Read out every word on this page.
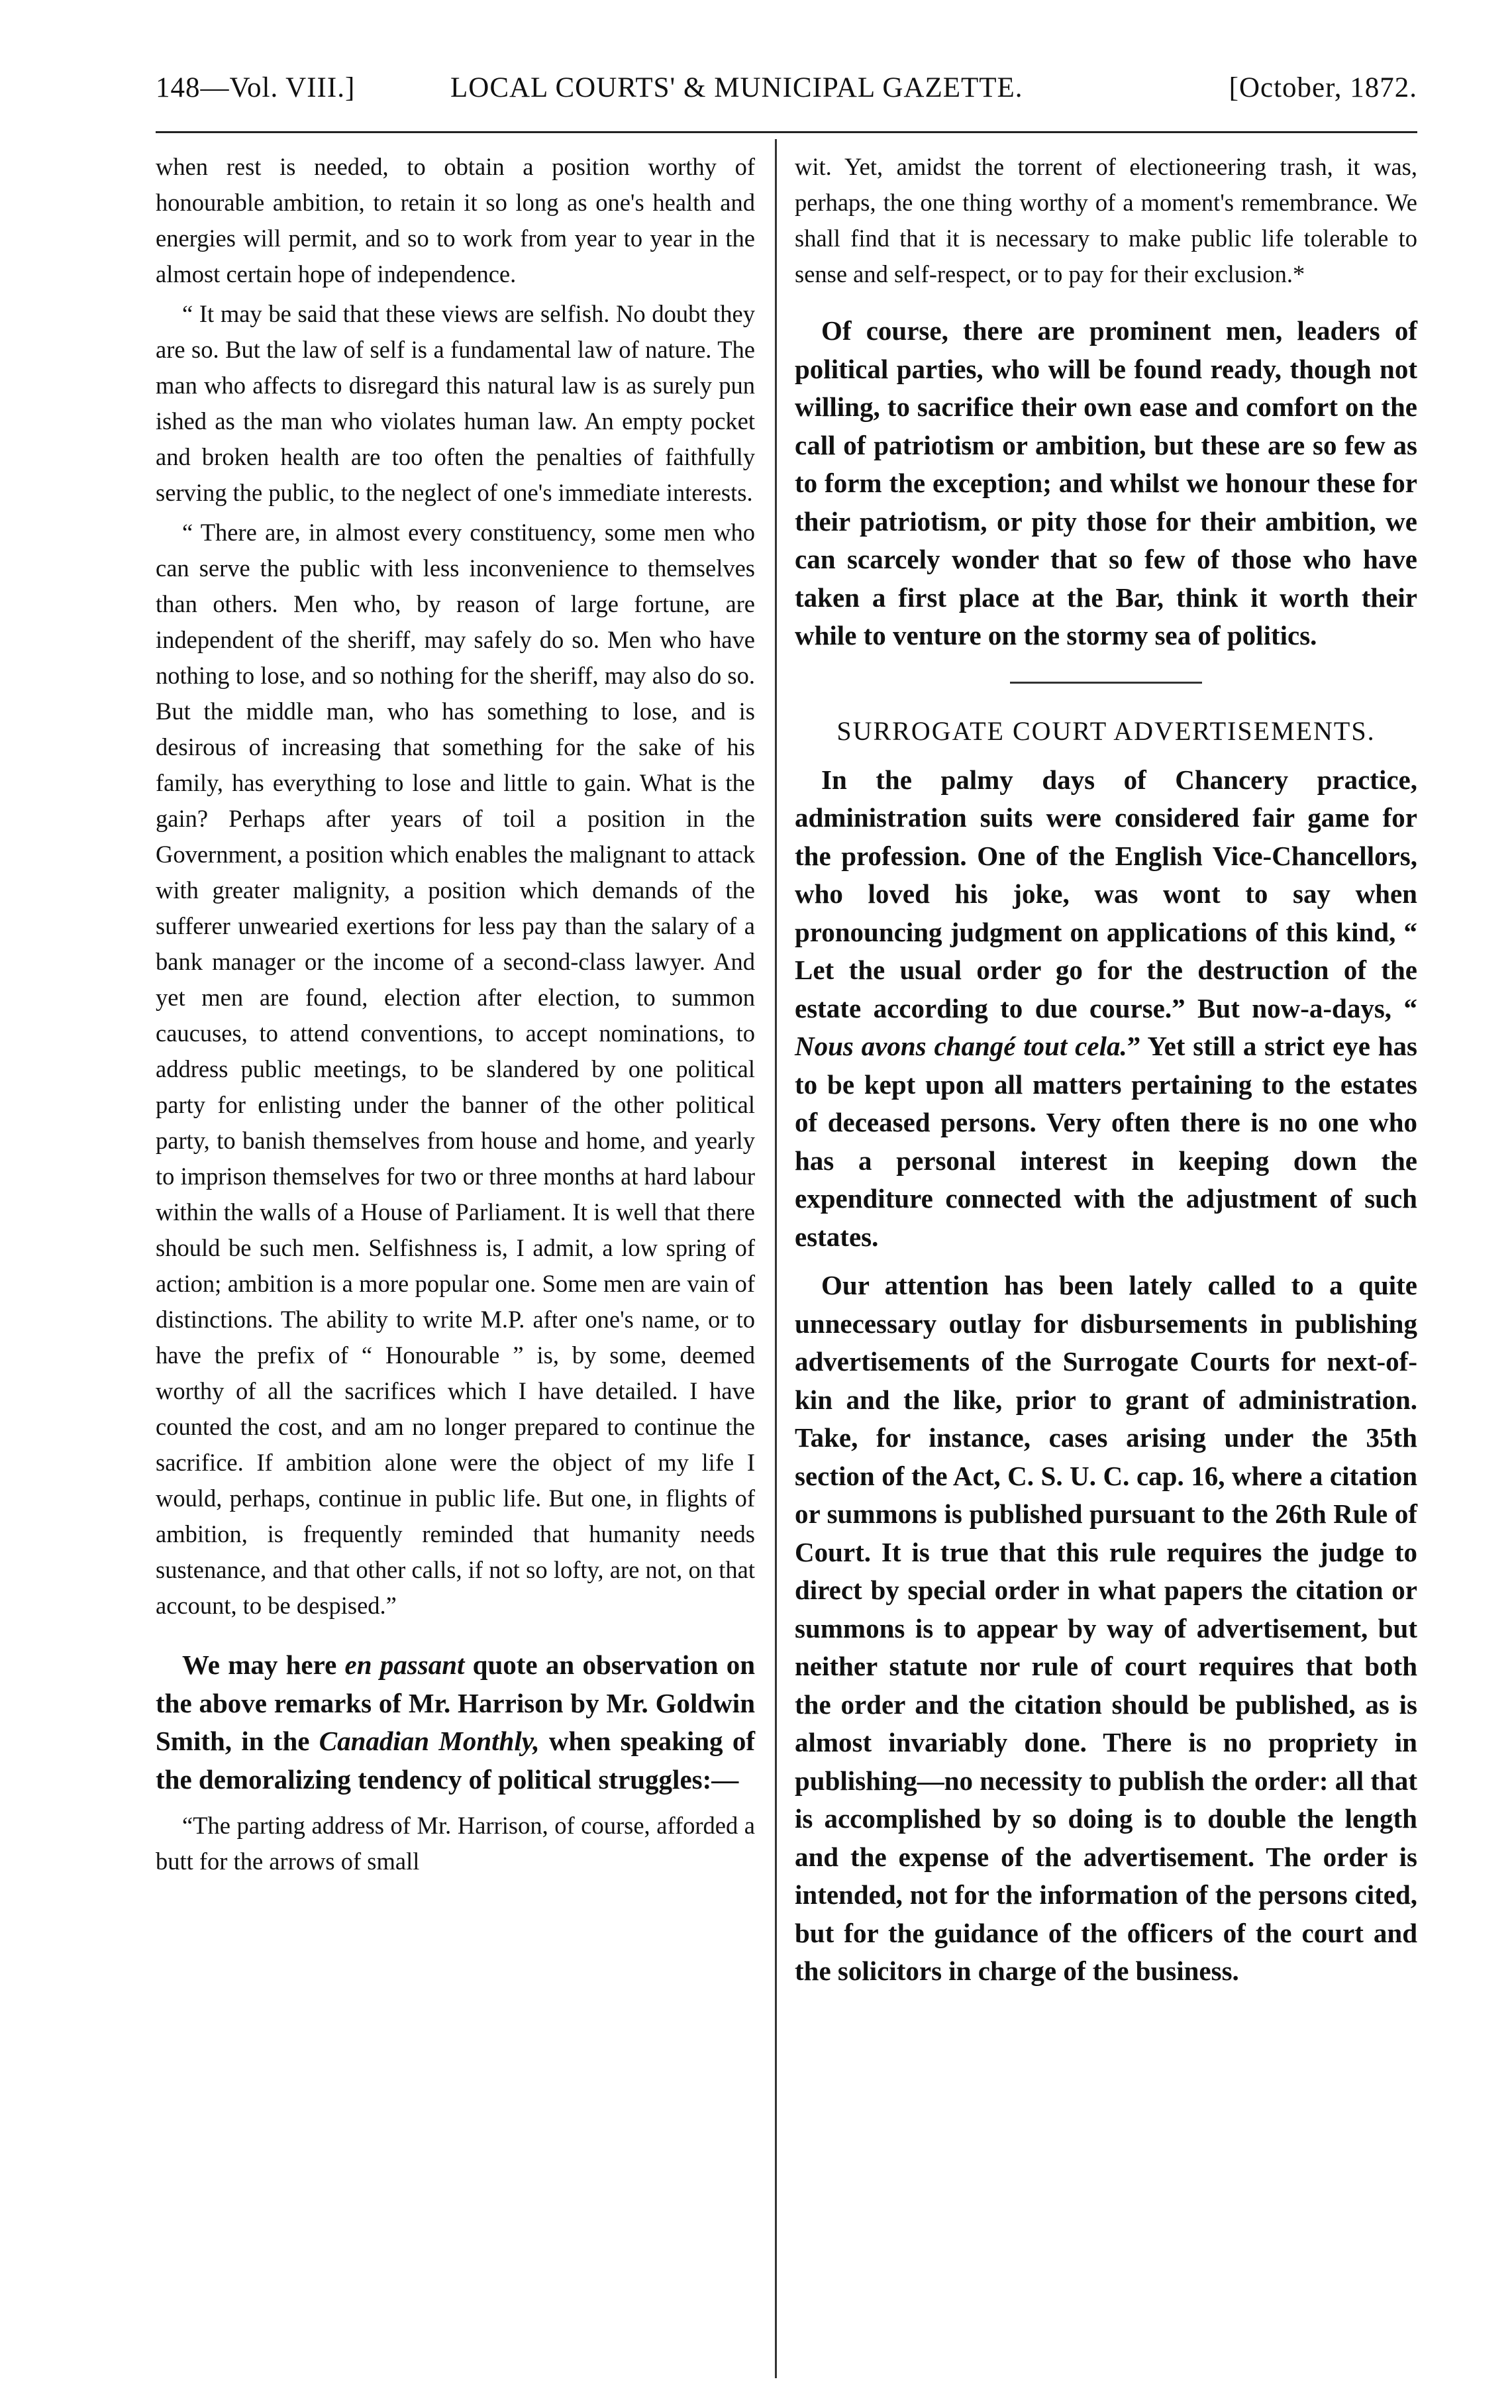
148—Vol. VIII.]	LOCAL COURTS' & MUNICIPAL GAZETTE.	[October, 1872.

when rest is needed, to obtain a position worthy of honourable ambition, to retain it so long as one's health and energies will permit, and so to work from year to year in the almost certain hope of independence.

“ It may be said that these views are selfish. No doubt they are so. But the law of self is a fundamental law of nature. The man who affects to disregard this natural law is as surely pun ished as the man who violates human law. An empty pocket and broken health are too often the penalties of faithfully serving the public, to the neglect of one's immediate interests.

“ There are, in almost every constituency, some men who can serve the public with less inconvenience to themselves than others. Men who, by reason of large fortune, are independent of the sheriff, may safely do so. Men who have nothing to lose, and so nothing for the sheriff, may also do so. But the middle man, who has something to lose, and is desirous of increasing that something for the sake of his family, has everything to lose and little to gain. What is the gain? Perhaps after years of toil a position in the Government, a position which enables the malignant to attack with greater malignity, a position which demands of the sufferer unwearied exertions for less pay than the salary of a bank manager or the income of a second-class lawyer. And yet men are found, election after election, to summon caucuses, to attend conventions, to accept nominations, to address public meetings, to be slandered by one political party for enlisting under the banner of the other political party, to banish themselves from house and home, and yearly to imprison themselves for two or three months at hard labour within the walls of a House of Parliament. It is well that there should be such men. Selfishness is, I admit, a low spring of action; ambition is a more popular one. Some men are vain of distinctions. The ability to write M.P. after one's name, or to have the prefix of “ Honourable ” is, by some, deemed worthy of all the sacrifices which I have detailed. I have counted the cost, and am no longer prepared to continue the sacrifice. If ambition alone were the object of my life I would, perhaps, continue in public life. But one, in flights of ambition, is frequently reminded that humanity needs sustenance, and that other calls, if not so lofty, are not, on that account, to be despised.”

We may here en passant quote an observation on the above remarks of Mr. Harrison by Mr. Goldwin Smith, in the Canadian Monthly, when speaking of the demoralizing tendency of political struggles:—

“The parting address of Mr. Harrison, of course, afforded a butt for the arrows of small

wit. Yet, amidst the torrent of electioneering trash, it was, perhaps, the one thing worthy of a moment's remembrance. We shall find that it is necessary to make public life tolerable to sense and self-respect, or to pay for their exclusion.*

Of course, there are prominent men, leaders of political parties, who will be found ready, though not willing, to sacrifice their own ease and comfort on the call of patriotism or ambition, but these are so few as to form the exception; and whilst we honour these for their patriotism, or pity those for their ambition, we can scarcely wonder that so few of those who have taken a first place at the Bar, think it worth their while to venture on the stormy sea of politics.

SURROGATE COURT ADVERTISEMENTS.

In the palmy days of Chancery practice, administration suits were considered fair game for the profession. One of the English Vice-Chancellors, who loved his joke, was wont to say when pronouncing judgment on applications of this kind, “ Let the usual order go for the destruction of the estate according to due course.” But now-a-days, “ Nous avons changé tout cela.” Yet still a strict eye has to be kept upon all matters pertaining to the estates of deceased persons. Very often there is no one who has a personal interest in keeping down the expenditure connected with the adjustment of such estates.

Our attention has been lately called to a quite unnecessary outlay for disbursements in publishing advertisements of the Surrogate Courts for next-of-kin and the like, prior to grant of administration. Take, for instance, cases arising under the 35th section of the Act, C. S. U. C. cap. 16, where a citation or summons is published pursuant to the 26th Rule of Court. It is true that this rule requires the judge to direct by special order in what papers the citation or summons is to appear by way of advertisement, but neither statute nor rule of court requires that both the order and the citation should be published, as is almost invariably done. There is no propriety in publishing—no necessity to publish the order: all that is accomplished by so doing is to double the length and the expense of the advertisement. The order is intended, not for the information of the persons cited, but for the guidance of the officers of the court and the solicitors in charge of the business.
